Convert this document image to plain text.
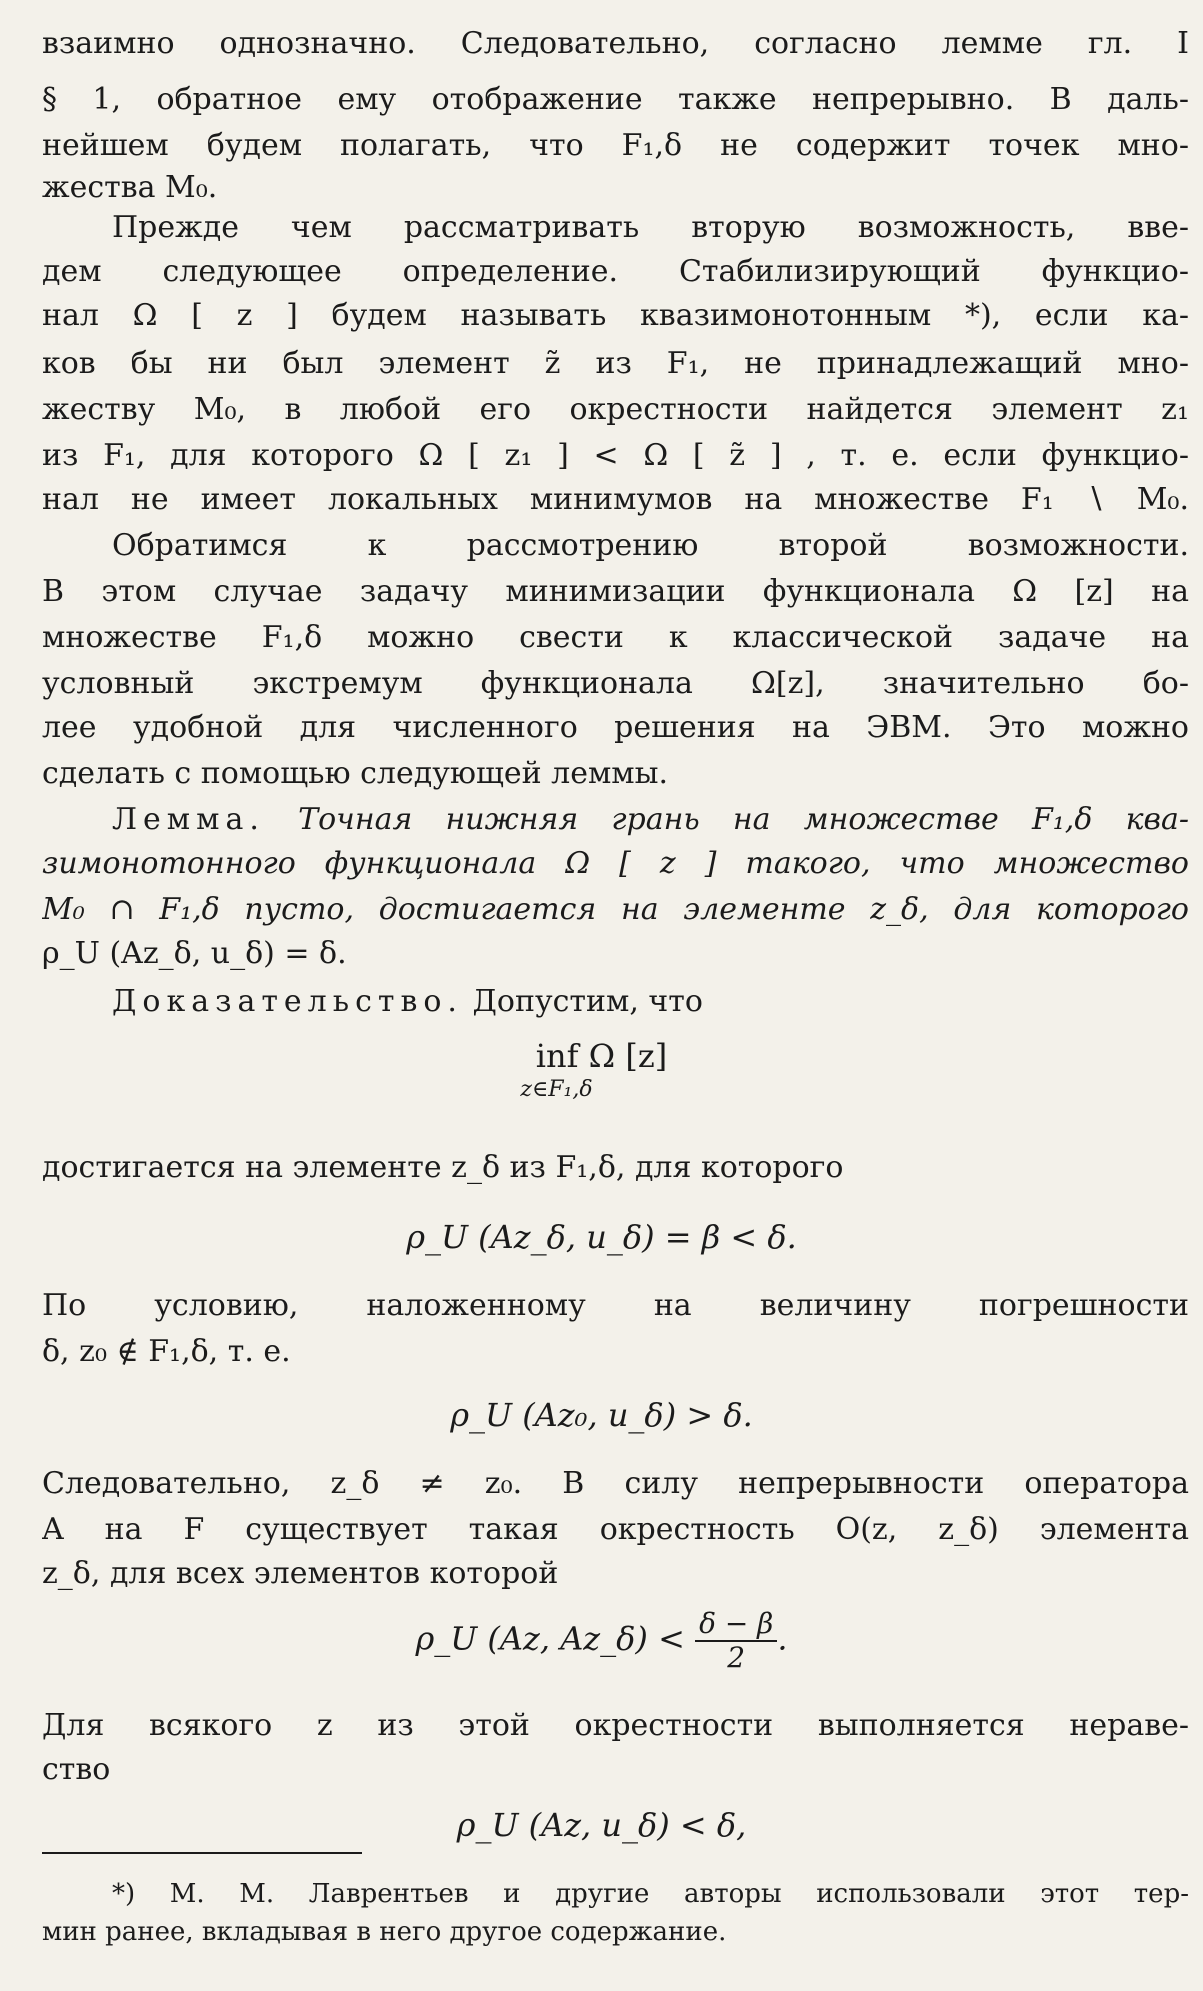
взаимно однозначно. Следовательно, согласно лемме гл. I
§ 1, обратное ему отображение также непрерывно. В даль-
нейшем будем полагать, что F₁,δ не содержит точек мно-
жества M₀.
Прежде чем рассматривать вторую возможность, вве-
дем следующее определение. Стабилизирующий функцио-
нал Ω [ z ] будем называть квазимонотонным *), если ка-
ков бы ни был элемент z̃ из F₁, не принадлежащий мно-
жеству M₀, в любой его окрестности найдется элемент z₁
из F₁, для которого Ω [ z₁ ] < Ω [ z̃ ] , т. е. если функцио-
нал не имеет локальных минимумов на множестве F₁ ∖ M₀.
Обратимся к рассмотрению второй возможности.
В этом случае задачу минимизации функционала Ω [z] на
множестве F₁,δ можно свести к классической задаче на
условный экстремум функционала Ω[z], значительно бо-
лее удобной для численного решения на ЭВМ. Это можно
сделать с помощью следующей леммы.
Лемма. Точная нижняя грань на множестве F₁,δ ква-
зимонотонного функционала Ω [ z ] такого, что множество
M₀ ∩ F₁,δ пусто, достигается на элементе z_δ, для которого
ρ_U (Az_δ, u_δ) = δ.
Доказательство. Допустим, что
inf Ω [z]
z∈F₁,δ
достигается на элементе z_δ из F₁,δ, для которого
ρ_U (Az_δ, u_δ) = β < δ.
По условию, наложенному на величину погрешности
δ, z₀ ∉ F₁,δ, т. е.
ρ_U (Az₀, u_δ) > δ.
Следовательно, z_δ ≠ z₀. В силу непрерывности оператора
A на F существует такая окрестность O(z, z_δ) элемента
z_δ, для всех элементов которой
ρ_U (Az, Az_δ) < $\frac{\delta - \beta}{2}$ .
Для всякого z из этой окрестности выполняется нераве-
ство
ρ_U (Az, u_δ) < δ,
*) М. М. Лаврентьев и другие авторы использовали этот тер-
мин ранее, вкладывая в него другое содержание.
